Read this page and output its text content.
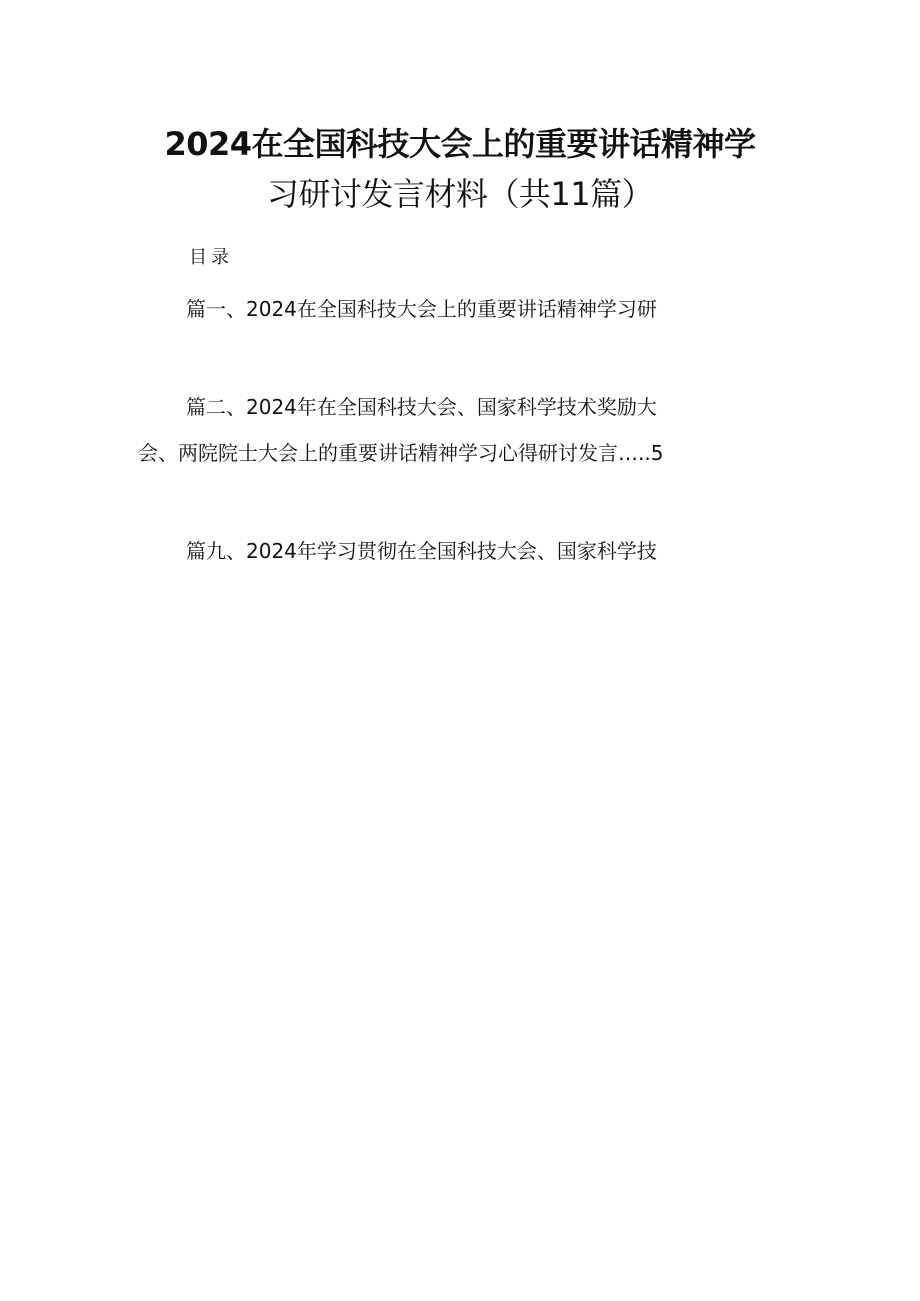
2024在全国科技大会上的重要讲话精神学
习研讨发言材料（共11篇）
目录
篇一、2024在全国科技大会上的重要讲话精神学习研
篇二、2024年在全国科技大会、国家科学技术奖励大
会、两院院士大会上的重要讲话精神学习心得研讨发言…..5
篇九、2024年学习贯彻在全国科技大会、国家科学技
